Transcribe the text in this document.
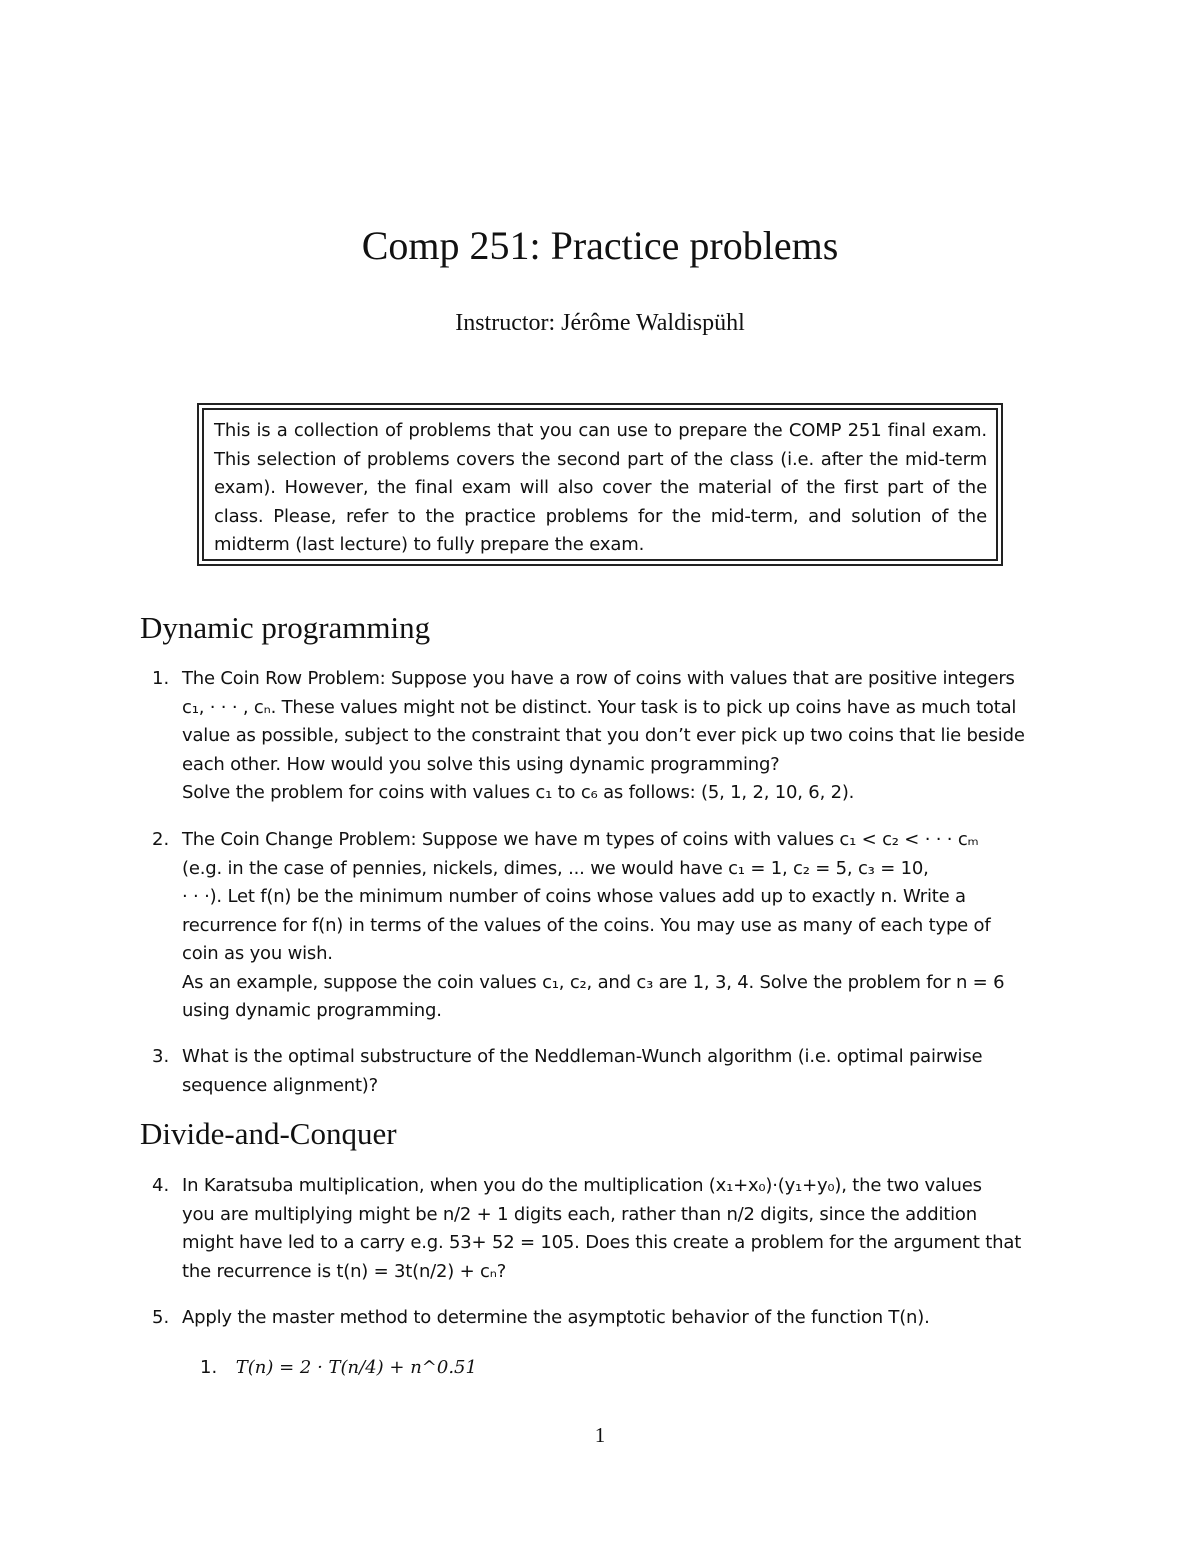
Comp 251: Practice problems
Instructor: Jérôme Waldispühl
This is a collection of problems that you can use to prepare the COMP 251 final exam. This selection of problems covers the second part of the class (i.e. after the mid-term exam). However, the final exam will also cover the material of the first part of the class. Please, refer to the practice problems for the mid-term, and solution of the midterm (last lecture) to fully prepare the exam.
Dynamic programming
1. The Coin Row Problem: Suppose you have a row of coins with values that are positive integers
c₁, · · · , cₙ. These values might not be distinct. Your task is to pick up coins have as much total
value as possible, subject to the constraint that you don’t ever pick up two coins that lie beside
each other. How would you solve this using dynamic programming?
Solve the problem for coins with values c₁ to c₆ as follows: (5, 1, 2, 10, 6, 2).
2. The Coin Change Problem: Suppose we have m types of coins with values c₁ < c₂ < · · · cₘ
(e.g. in the case of pennies, nickels, dimes, ... we would have c₁ = 1, c₂ = 5, c₃ = 10,
· · ·). Let f(n) be the minimum number of coins whose values add up to exactly n. Write a
recurrence for f(n) in terms of the values of the coins. You may use as many of each type of
coin as you wish.
As an example, suppose the coin values c₁, c₂, and c₃ are 1, 3, 4. Solve the problem for n = 6
using dynamic programming.
3. What is the optimal substructure of the Neddleman-Wunch algorithm (i.e. optimal pairwise
sequence alignment)?
Divide-and-Conquer
4. In Karatsuba multiplication, when you do the multiplication (x₁+x₀)·(y₁+y₀), the two values
you are multiplying might be n/2 + 1 digits each, rather than n/2 digits, since the addition
might have led to a carry e.g. 53+ 52 = 105. Does this create a problem for the argument that
the recurrence is t(n) = 3t(n/2) + cₙ?
5. Apply the master method to determine the asymptotic behavior of the function T(n).
1. T(n) = 2 · T(n/4) + n^0.51
1
